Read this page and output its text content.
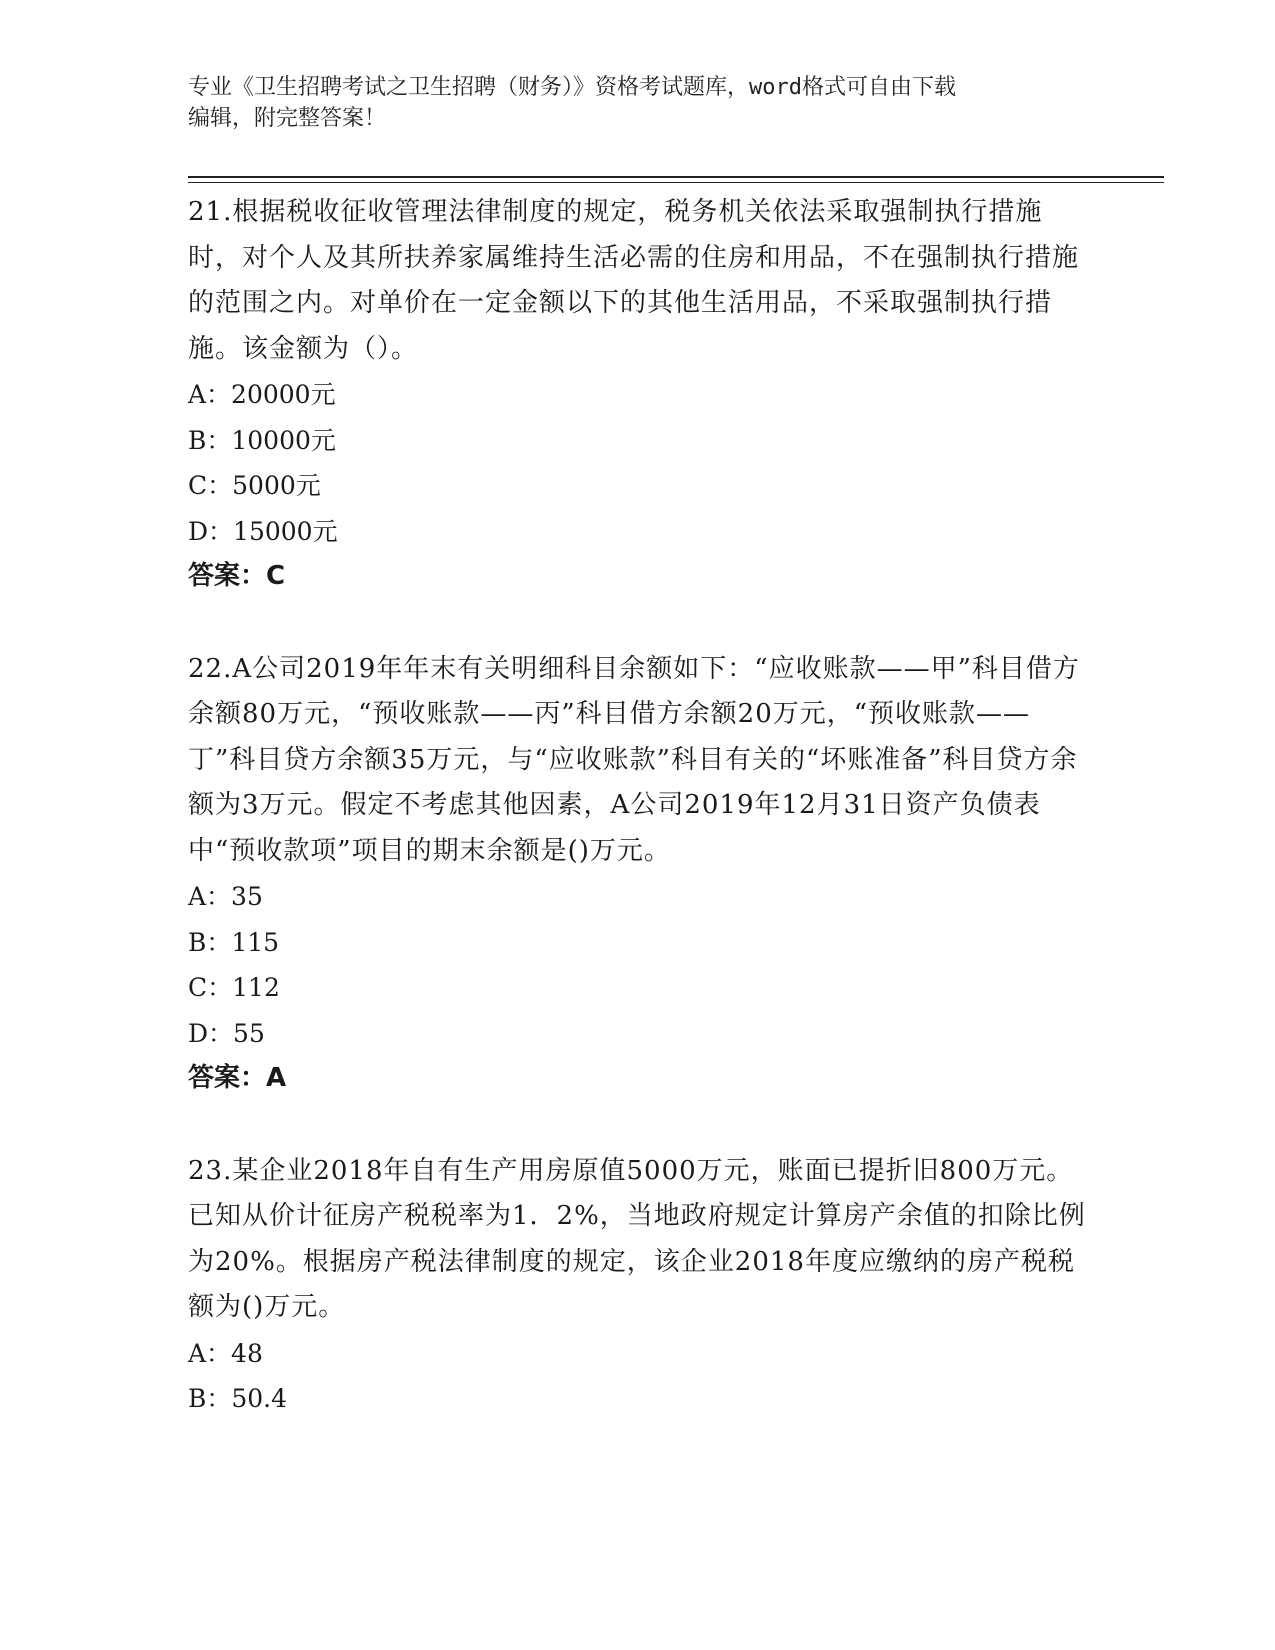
专业《卫生招聘考试之卫生招聘（财务）》资格考试题库，word格式可自由下载
编辑，附完整答案！

21.根据税收征收管理法律制度的规定，税务机关依法采取强制执行措施时，对个人及其所扶养家属维持生活必需的住房和用品，不在强制执行措施的范围之内。对单价在一定金额以下的其他生活用品，不采取强制执行措施。该金额为（）。

A：20000元

B：10000元

C：5000元

D：15000元

答案：C

22.A公司2019年年末有关明细科目余额如下：“应收账款——甲”科目借方余额80万元，“预收账款——丙”科目借方余额20万元，“预收账款——丁”科目贷方余额35万元，与“应收账款”科目有关的“坏账准备”科目贷方余额为3万元。假定不考虑其他因素，A公司2019年12月31日资产负债表中“预收款项”项目的期末余额是()万元。

A：35

B：115

C：112

D：55

答案：A

23.某企业2018年自有生产用房原值5000万元，账面已提折旧800万元。已知从价计征房产税税率为1．2%，当地政府规定计算房产余值的扣除比例为20%。根据房产税法律制度的规定，该企业2018年度应缴纳的房产税税额为()万元。

A：48

B：50.4
